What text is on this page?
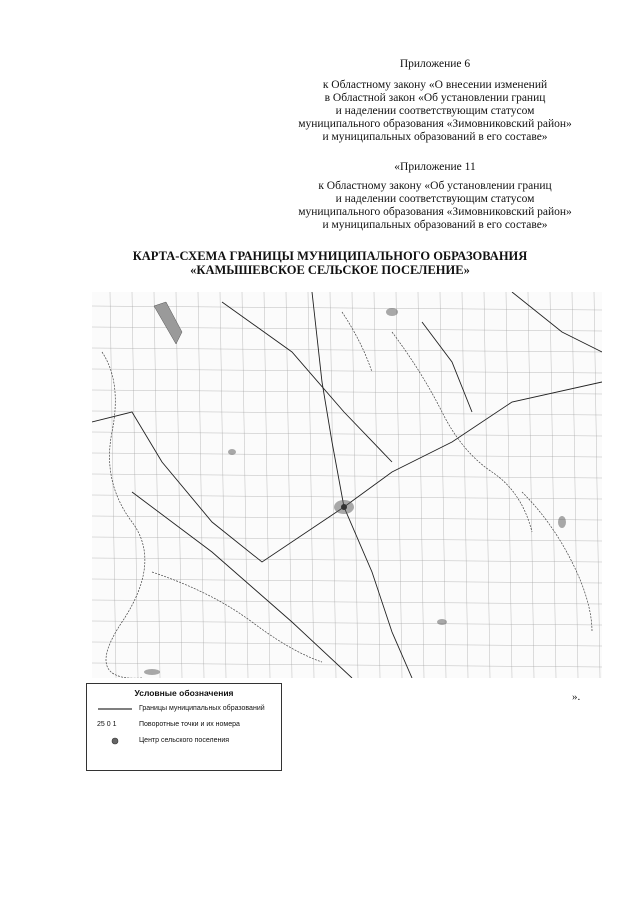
Приложение 6
к Областному закону «О внесении изменений
в Областной закон «Об установлении границ
и наделении соответствующим статусом
муниципального образования «Зимовниковский район»
и муниципальных образований в его составе»
«Приложение 11
к Областному закону «Об установлении границ
и наделении соответствующим статусом
муниципального образования «Зимовниковский район»
и муниципальных образований в его составе»
КАРТА-СХЕМА ГРАНИЦЫ МУНИЦИПАЛЬНОГО ОБРАЗОВАНИЯ
«КАМЫШЕВСКОЕ СЕЛЬСКОЕ ПОСЕЛЕНИЕ»
Условные обозначения
Границы муниципальных образований
25 0 1	Поворотные точки и их номера
Центр сельского поселения
».
